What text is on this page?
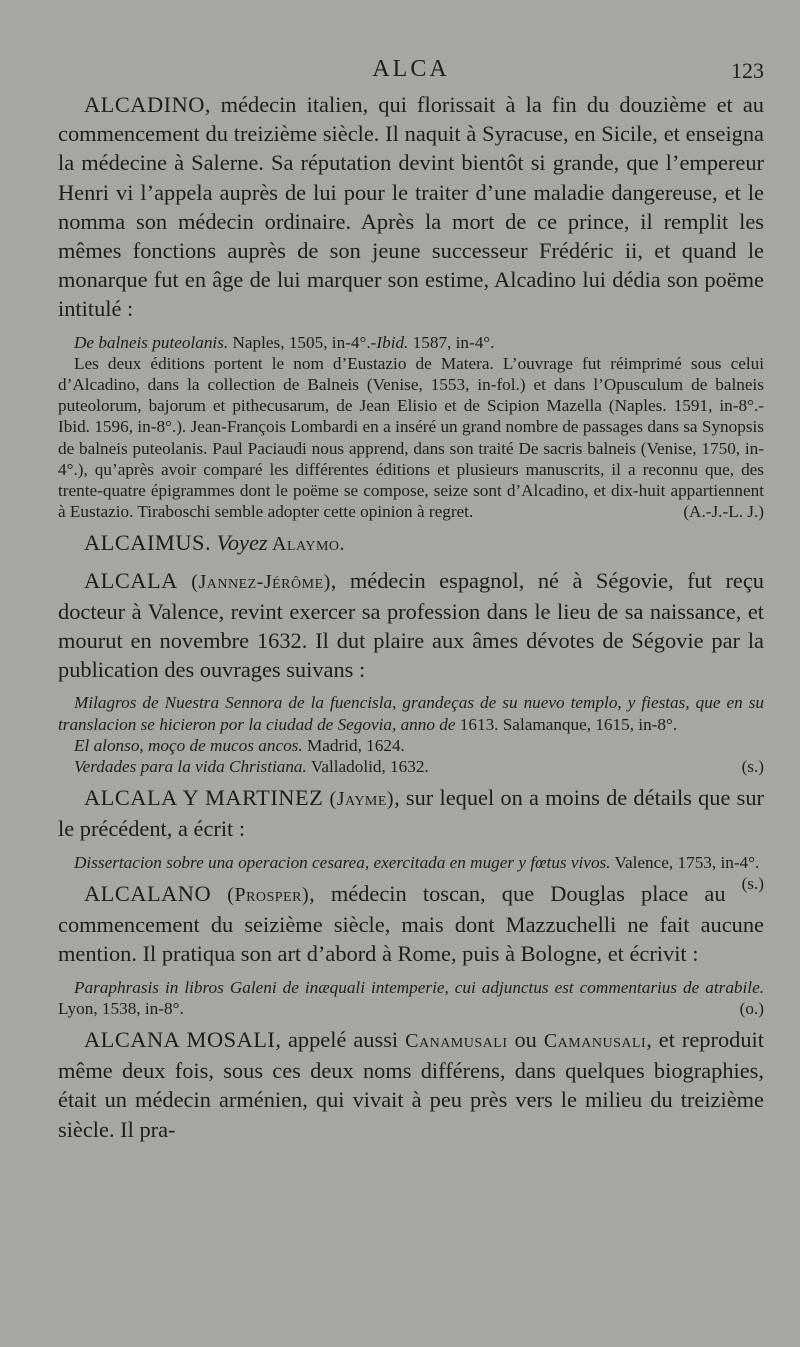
ALCA	123

ALCADINO, médecin italien, qui florissait à la fin du douzième et au commencement du treizième siècle. Il naquit à Syracuse, en Sicile, et enseigna la médecine à Salerne. Sa réputation devint bientôt si grande, que l’empereur Henri vi l’appela auprès de lui pour le traiter d’une maladie dangereuse, et le nomma son médecin ordinaire. Après la mort de ce prince, il remplit les mêmes fonctions auprès de son jeune successeur Frédéric ii, et quand le monarque fut en âge de lui marquer son estime, Alcadino lui dédia son poëme intitulé :

De balneis puteolanis. Naples, 1505, in-4°.-Ibid. 1587, in-4°.

Les deux éditions portent le nom d’Eustazio de Matera. L’ouvrage fut réimprimé sous celui d’Alcadino, dans la collection de Balneis (Venise, 1553, in-fol.) et dans l’Opusculum de balneis puteolorum, bajorum et pithecusarum, de Jean Elisio et de Scipion Mazella (Naples. 1591, in-8°.- Ibid. 1596, in-8°.). Jean-François Lombardi en a inséré un grand nombre de passages dans sa Synopsis de balneis puteolanis. Paul Paciaudi nous apprend, dans son traité De sacris balneis (Venise, 1750, in-4°.), qu’après avoir comparé les différentes éditions et plusieurs manuscrits, il a reconnu que, des trente-quatre épigrammes dont le poëme se compose, seize sont d’Alcadino, et dix-huit appartiennent à Eustazio. Tiraboschi semble adopter cette opinion à regret.	(A.-J.-L. J.)

ALCAIMUS. Voyez Alaymo.

ALCALA (Jannez-Jérôme), médecin espagnol, né à Ségovie, fut reçu docteur à Valence, revint exercer sa profession dans le lieu de sa naissance, et mourut en novembre 1632. Il dut plaire aux âmes dévotes de Ségovie par la publication des ouvrages suivans :

Milagros de Nuestra Sennora de la fuencisla, grandeças de su nuevo templo, y fiestas, que en su translacion se hicieron por la ciudad de Segovia, anno de 1613. Salamanque, 1615, in-8°.

El alonso, moço de mucos ancos. Madrid, 1624.

Verdades para la vida Christiana. Valladolid, 1632.	(s.)

ALCALA Y MARTINEZ (Jayme), sur lequel on a moins de détails que sur le précédent, a écrit :

Dissertacion sobre una operacion cesarea, exercitada en muger y fœtus vivos. Valence, 1753, in-4°.
(s.)

ALCALANO (Prosper), médecin toscan, que Douglas place au commencement du seizième siècle, mais dont Mazzuchelli ne fait aucune mention. Il pratiqua son art d’abord à Rome, puis à Bologne, et écrivit :

Paraphrasis in libros Galeni de inæquali intemperie, cui adjunctus est commentarius de atrabile. Lyon, 1538, in-8°.	(o.)

ALCANA MOSALI, appelé aussi Canamusali ou Camanusali, et reproduit même deux fois, sous ces deux noms différens, dans quelques biographies, était un médecin arménien, qui vivait à peu près vers le milieu du treizième siècle. Il pra-
